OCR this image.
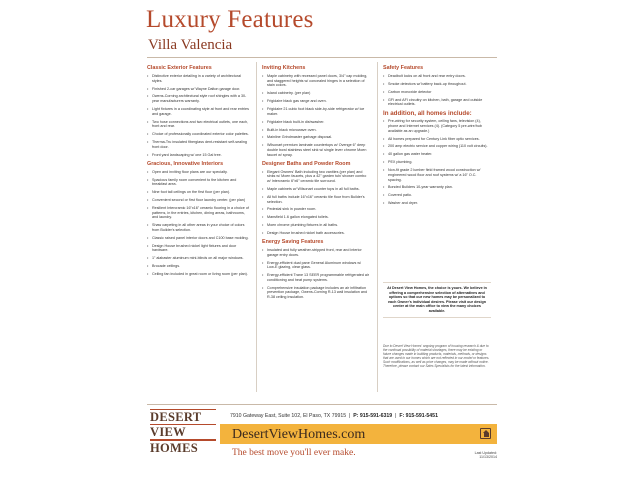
Luxury Features
Villa Valencia
Classic Exterior Features
• Distinctive exterior detailing in a variety of architectural styles.
• Finished 2-car garages w/ Wayne Dalton garage door.
• Owens-Corning architectural style roof shingles with a 30-year manufacturers warranty.
• Light fixtures in a coordinating style at front and rear entries and garage.
• Two hose connections and two electrical outlets, one each, front and rear.
• Choice of professionally coordinated exterior color palettes.
• Therma-Tru insulated fiberglass dent-resistant self-sealing front door.
• Front yard landscaping w/ one 15 Gal tree.
Gracious, Innovative Interiors
• Open and inviting floor plans are our specialty.
• Spacious family room convenient to the kitchen and breakfast area.
• Nine foot tall ceilings on the first floor (per plan).
• Convenient second or first floor laundry center. (per plan)
• Resilient Intercramic 16"x16" ceramic flooring in a choice of patterns, in the entries, kitchen, dining areas, bathrooms, and laundry.
• Shaw carpeting in all other areas in your choice of colors from Builder's selection.
• Classic raised panel interior doors and C100 base molding.
• Design House brushed nickel light fixtures and door hardware.
• 1" alabaster aluminum mini-blinds on all major windows.
• Brocade ceilings.
• Ceiling fan included in great room or living room (per plan).
Inviting Kitchens
• Maple cabinetry with recessed panel doors, 3/4" cap molding, and staggered heights w/ concealed hinges in a selection of stain colors.
• Island cabinetry. (per plan)
• Frigidaire black gas range and oven.
• Frigidaire 21 cubic foot black side-by-side refrigerator w/ ice maker.
• Frigidaire black built-in dishwasher.
• Built-in black microwave oven.
• Mainline Grindmaster garbage disposal.
• Wilsonart premium laminate countertops w/ Ovenge 6" deep double bowl stainless steel sink w/ single lever chrome Moen faucet w/ spray.
Designer Baths and Powder Room
• Elegant Owners' Bath including two vanities (per plan) and sinks w/ Moen faucets, plus a 42" garden tub/ shower combo w/ Intercramic 6"x6" ceramic tile surround.
• Maple cabinets w/ Wilsonart counter tops in all full baths.
• All full baths include 16"x16" ceramic tile floor from Builder's selection.
• Pedestal sink in powder room.
• Mansfield 1.6 gallon elongated toilets.
• Moen chrome plumbing fixtures in all baths.
• Design House brushed nickel bath accessories.
Energy Saving Features
• Insulated and fully weather-stripped front, rear and interior garage entry doors.
• Energy-efficient dual pane General Aluminum windows w/ Low-E glazing, clear glass.
• Energy-efficient Trane 13 SEER programmable refrigerated air conditioning and heat pump systems.
• Comprehensive insulation package includes an air infiltration prevention package, Owens-Corning R-13 wall insulation and R-38 ceiling insulation.
Safety Features
• Deadbolt locks on all front and rear entry doors.
• Smoke detectors w/ battery back-up throughout.
• Carbon monoxide detector
• GFI and AFI circuitry on kitchen, bath, garage and outside electrical outlets.
In addition, all homes include:
• Pre-wiring for security system, ceiling fans, television (4), phone and Internet services (4). (Category 5 pre-wire/hub available as an upgrade.)
• All homes prepared for Century Link fiber optic services.
• 200 amp electric service and copper wiring (110 volt circuits).
• 40 gallon gas water heater.
• PEX plumbing.
• Non-fit grade 2 lumber field framed wood construction w/ engineered wood floor and roof systems w/ a 16" O.C. spacing.
• Bonded Builders 10-year warranty plan.
• Covered patio.
• Washer and dryer.
At Desert View Homes, the choice is yours. We believe in offering a comprehensive selection of alternatives and options so that our new homes may be personalized to each Owner's individual desires. Please visit our design center at the main office to view the many choices available.
Due to Desert View Homes' ongoing program of housing research & due to the continual possibility of material shortages, there may be existing or future changes made in building products, materials, methods, or designs that are used in our homes which are not reflected in our model or features. Such modifications, as well as price changes, may be made without notice. Therefore, please contact our Sales Specialists for the latest information.
DESERT
VIEW
HOMES
7910 Gateway East, Suite 102, El Paso, TX 79915  |  P: 915-591-6319  |  F: 915-591-5451
DesertViewHomes.com
The best move you'll ever make.	Last Updated:
11/13/2014
